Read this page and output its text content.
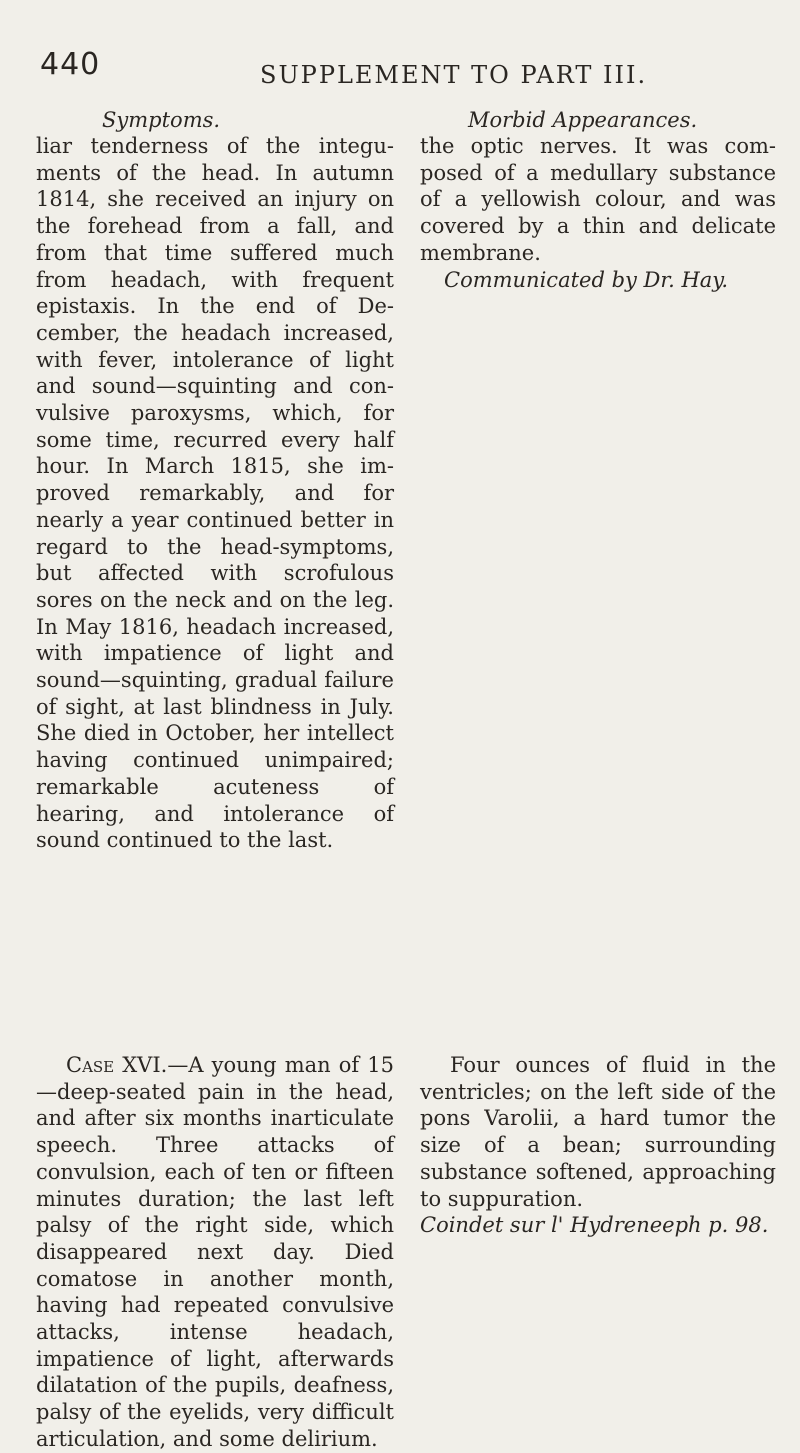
440	SUPPLEMENT TO PART III.
Symptoms.

liar tenderness of the integuments of the head. In autumn 1814, she received an injury on the forehead from a fall, and from that time suffered much from headach, with frequent epistaxis. In the end of December, the headach increased, with fever, intolerance of light and sound—squinting and convulsive paroxysms, which, for some time, recurred every half hour. In March 1815, she improved remarkably, and for nearly a year continued better in regard to the head-symptoms, but affected with scrofulous sores on the neck and on the leg. In May 1816, headach increased, with impatience of light and sound—squinting, gradual failure of sight, at last blindness in July. She died in October, her intellect having continued unimpaired; remarkable acuteness of hearing, and intolerance of sound continued to the last.

Morbid Appearances.

the optic nerves. It was composed of a medullary substance of a yellowish colour, and was covered by a thin and delicate membrane.

Communicated by Dr. Hay.

Case XVI.—A young man of 15—deep-seated pain in the head, and after six months inarticulate speech. Three attacks of convulsion, each of ten or fifteen minutes duration; the last left palsy of the right side, which disappeared next day. Died comatose in another month, having had repeated convulsive attacks, intense headach, impatience of light, afterwards dilatation of the pupils, deafness, palsy of the eyelids, very difficult articulation, and some delirium.

Four ounces of fluid in the ventricles; on the left side of the pons Varolii, a hard tumor the size of a bean; surrounding substance softened, approaching to suppuration.

Coindet sur l' Hydreneeph p. 98.
